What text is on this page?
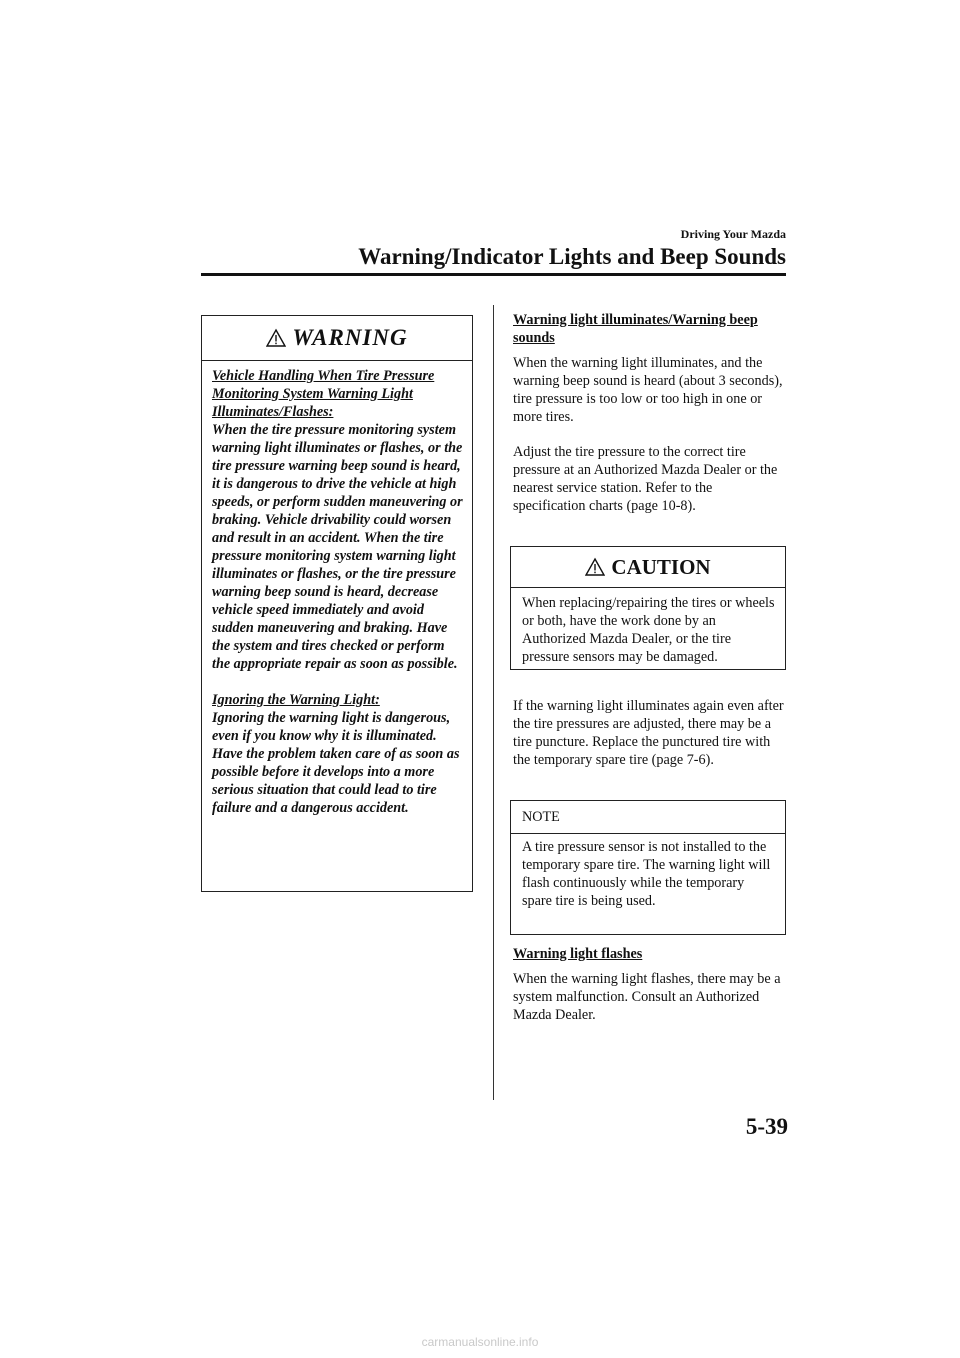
Driving Your Mazda
Warning/Indicator Lights and Beep Sounds
WARNING

Vehicle Handling When Tire Pressure Monitoring System Warning Light Illuminates/Flashes:

When the tire pressure monitoring system warning light illuminates or flashes, or the tire pressure warning beep sound is heard, it is dangerous to drive the vehicle at high speeds, or perform sudden maneuvering or braking. Vehicle drivability could worsen and result in an accident. When the tire pressure monitoring system warning light illuminates or flashes, or the tire pressure warning beep sound is heard, decrease vehicle speed immediately and avoid sudden maneuvering and braking. Have the system and tires checked or perform the appropriate repair as soon as possible.

Ignoring the Warning Light:

Ignoring the warning light is dangerous, even if you know why it is illuminated. Have the problem taken care of as soon as possible before it develops into a more serious situation that could lead to tire failure and a dangerous accident.

Warning light illuminates/Warning beep sounds

When the warning light illuminates, and the warning beep sound is heard (about 3 seconds), tire pressure is too low or too high in one or more tires.

Adjust the tire pressure to the correct tire pressure at an Authorized Mazda Dealer or the nearest service station. Refer to the specification charts (page 10-8).

CAUTION
When replacing/repairing the tires or wheels or both, have the work done by an Authorized Mazda Dealer, or the tire pressure sensors may be damaged.
If the warning light illuminates again even after the tire pressures are adjusted, there may be a tire puncture. Replace the punctured tire with the temporary spare tire (page 7-6).
NOTE
A tire pressure sensor is not installed to the temporary spare tire. The warning light will flash continuously while the temporary spare tire is being used.

Warning light flashes

When the warning light flashes, there may be a system malfunction. Consult an Authorized Mazda Dealer.

5-39
carmanualsonline.info
